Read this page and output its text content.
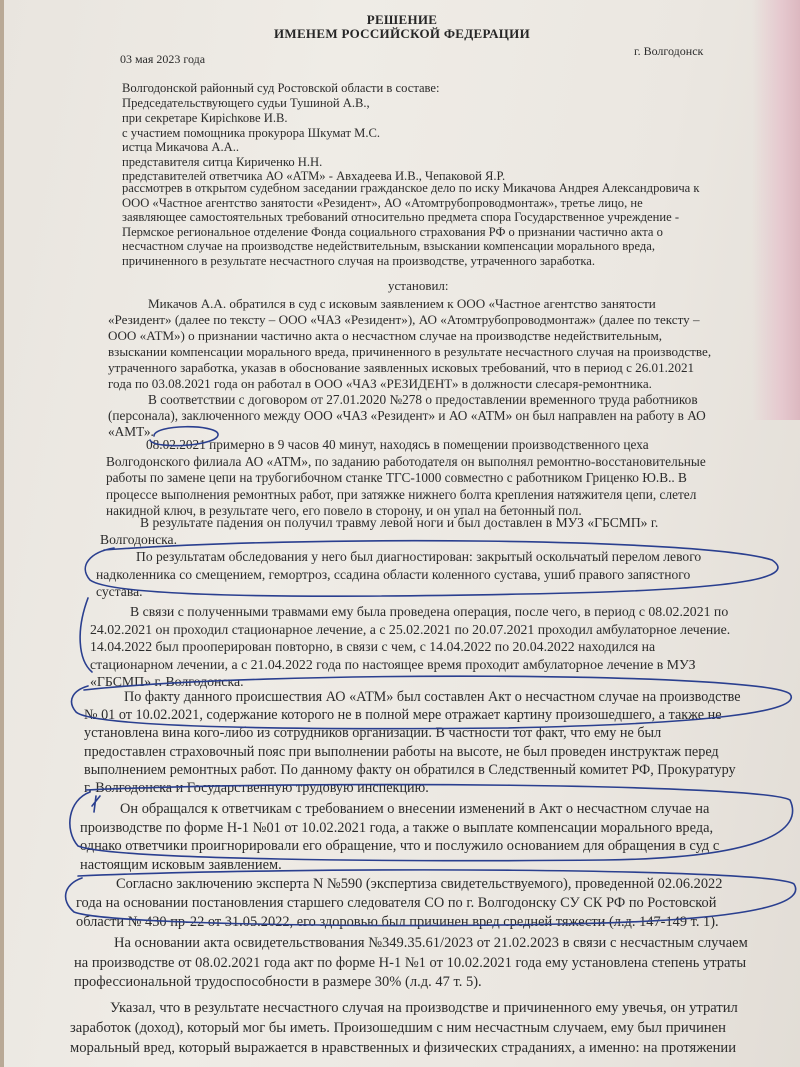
РЕШЕНИЕ
ИМЕНЕМ РОССИЙСКОЙ ФЕДЕРАЦИИ
03 мая 2023 года
г. Волгодонск
Волгодонской районный суд Ростовской области в составе:
Председательствующего судьи Тушиной А.В.,
при секретаре Кирichкове И.В.
с участием помощника прокурора Шкумат М.С.
истца Микачова А.А..
представителя ситца Кириченко Н.Н.
представителей ответчика АО «АТМ» - Авхадеева И.В., Чепаковой Я.Р.
рассмотрев в открытом судебном заседании гражданское дело по иску Микачова Андрея Александровича к
ООО «Частное агентство занятости «Резидент», АО «Атомтрубопроводмонтаж», третье лицо, не
заявляющее самостоятельных требований относительно предмета спора Государственное учреждение -
Пермское региональное отделение Фонда социального страхования РФ о признании частично акта о
несчастном случае на производстве недействительным, взыскании компенсации морального вреда,
причиненного в результате несчастного случая на производстве, утраченного заработка.
установил:
Микачов А.А. обратился в суд с исковым заявлением к ООО «Частное агентство занятости
«Резидент» (далее по тексту – ООО «ЧАЗ «Резидент»), АО «Атомтрубопроводмонтаж» (далее по тексту –
ООО «АТМ») о признании частично акта о несчастном случае на производстве недействительным,
взыскании компенсации морального вреда, причиненного в результате несчастного случая на производстве,
утраченного заработка, указав в обоснование заявленных исковых требований, что в период с 26.01.2021
года по 03.08.2021 года он работал в ООО «ЧАЗ «РЕЗИДЕНТ» в должности слесаря-ремонтника.
В соответствии с договором от 27.01.2020 №278 о предоставлении временного труда работников
(персонала), заключенного между ООО «ЧАЗ «Резидент» и АО «АТМ» он был направлен на работу в АО
«АМТ».
08.02.2021 примерно в 9 часов 40 минут, находясь в помещении производственного цеха
Волгодонского филиала АО «АТМ», по заданию работодателя он выполнял ремонтно-восстановительные
работы по замене цепи на трубогибочном станке ТГС-1000 совместно с работником Гриценко Ю.В.. В
процессе выполнения ремонтных работ, при затяжке нижнего болта крепления натяжителя цепи, слетел
накидной ключ, в результате чего, его повело в сторону, и он упал на бетонный пол.
В результате падения он получил травму левой ноги и был доставлен в МУЗ «ГБСМП» г.
Волгодонска.
По результатам обследования у него был диагностирован: закрытый оскольчатый перелом левого
надколенника со смещением, гемортроз, ссадина области коленного сустава, ушиб правого запястного
сустава.
В связи с полученными травмами ему была проведена операция, после чего, в период с 08.02.2021 по
24.02.2021 он проходил стационарное лечение, а с 25.02.2021 по 20.07.2021 проходил амбулаторное лечение.
14.04.2022 был прооперирован повторно, в связи с чем, с 14.04.2022 по 20.04.2022 находился на
стационарном лечении, а с 21.04.2022 года по настоящее время проходит амбулаторное лечение в МУЗ
«ГБСМП» г. Волгодонска.
По факту данного происшествия АО «АТМ» был составлен Акт о несчастном случае на производстве
№ 01 от 10.02.2021, содержание которого не в полной мере отражает картину произошедшего, а также не
установлена вина кого-либо из сотрудников организации. В частности тот факт, что ему не был
предоставлен страховочный пояс при выполнении работы на высоте, не был проведен инструктаж перед
выполнением ремонтных работ. По данному факту он обратился в Следственный комитет РФ, Прокуратуру
г. Волгодонска и Государственную трудовую инспекцию.
Он обращался к ответчикам с требованием о внесении изменений в Акт о несчастном случае на
производстве по форме Н-1 №01 от 10.02.2021 года, а также о выплате компенсации морального вреда,
однако ответчики проигнорировали его обращение, что и послужило основанием для обращения в суд с
настоящим исковым заявлением.
Согласно заключению эксперта N №590 (экспертиза свидетельствуемого), проведенной 02.06.2022
года на основании постановления старшего следователя СО по г. Волгодонску СУ СК РФ по Ростовской
области № 430 пр-22 от 31.05.2022, его здоровью был причинен вред средней тяжести (л.д. 147-149 т. 1).
На основании акта освидетельствования №349.35.61/2023 от 21.02.2023 в связи с несчастным случаем
на производстве от 08.02.2021 года акт по форме Н-1 №1 от 10.02.2021 года ему установлена степень утраты
профессиональной трудоспособности в размере 30% (л.д. 47 т. 5).
Указал, что в результате несчастного случая на производстве и причиненного ему увечья, он утратил
заработок (доход), который мог бы иметь. Произошедшим с ним несчастным случаем, ему был причинен
моральный вред, который выражается в нравственных и физических страданиях, а именно: на протяжении
